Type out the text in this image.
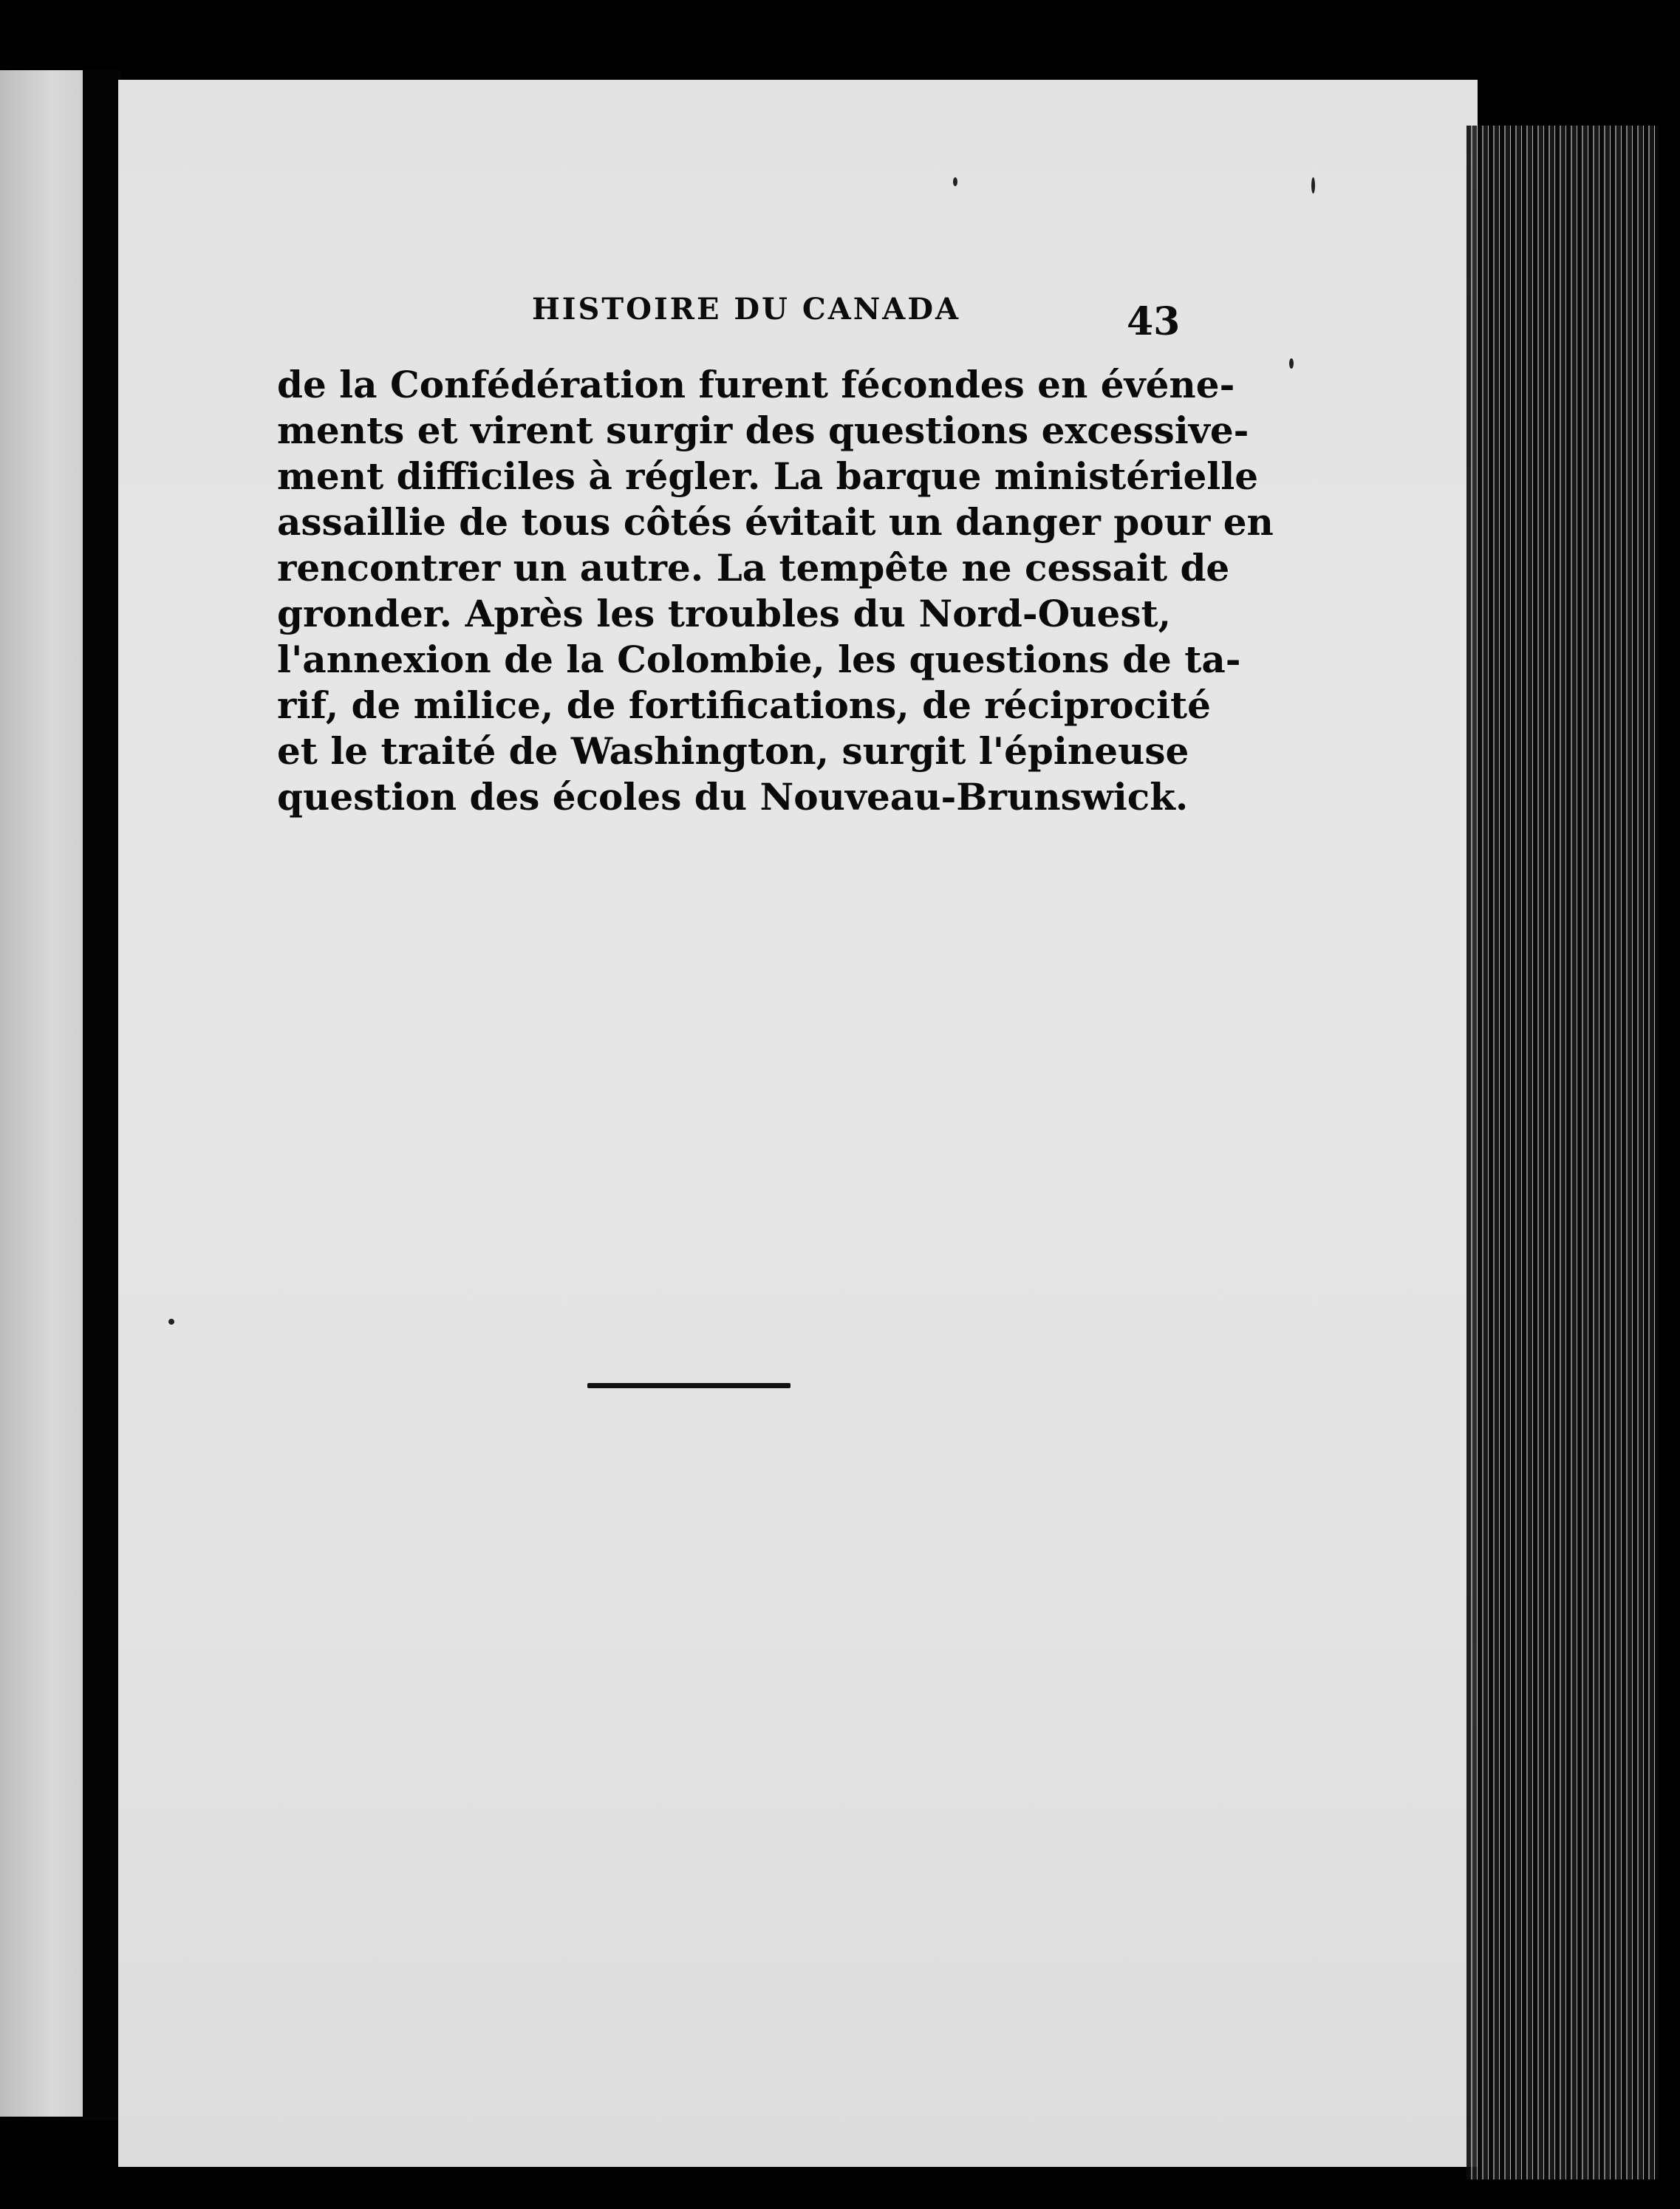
HISTOIRE DU CANADA	43
de la Confédération furent fécondes en événe-
ments et virent surgir des questions excessive-
ment difficiles à régler. La barque ministérielle
assaillie de tous côtés évitait un danger pour en
rencontrer un autre. La tempête ne cessait de
gronder. Après les troubles du Nord-Ouest,
l'annexion de la Colombie, les questions de ta-
rif, de milice, de fortifications, de réciprocité
et le traité de Washington, surgit l'épineuse
question des écoles du Nouveau-Brunswick.
